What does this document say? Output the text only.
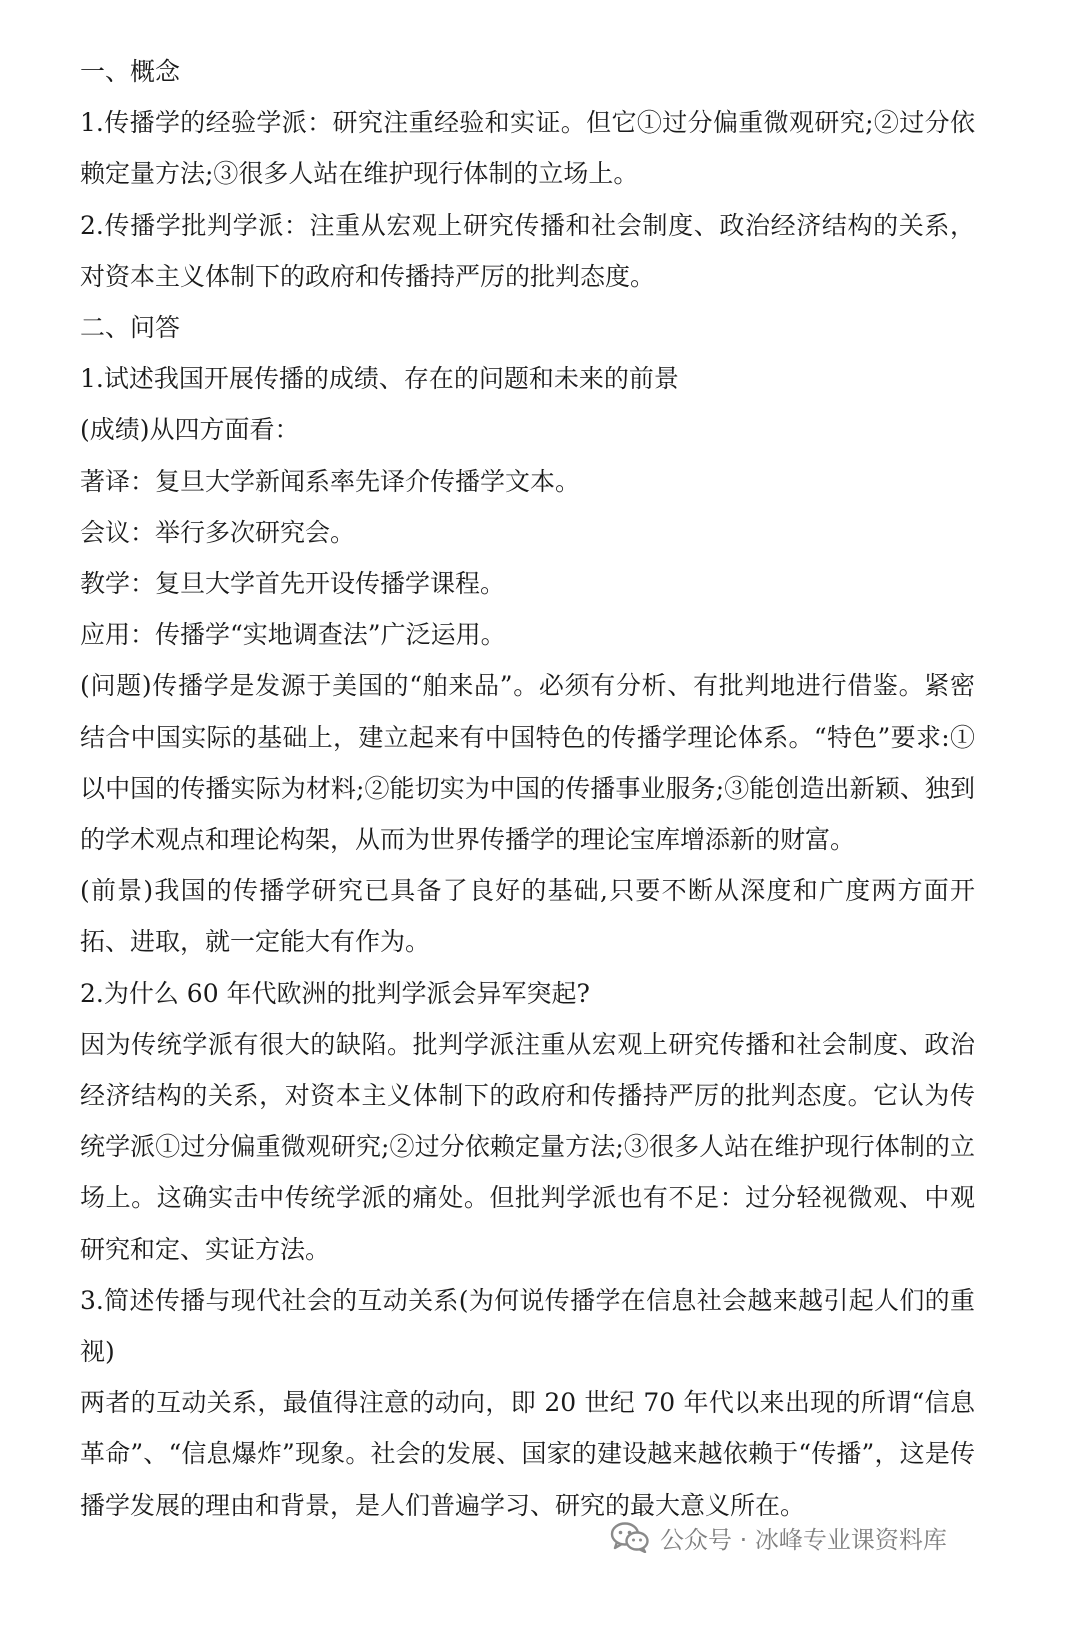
一、概念

1.传播学的经验学派：研究注重经验和实证。但它①过分偏重微观研究;②过分依赖定量方法;③很多人站在维护现行体制的立场上。

2.传播学批判学派：注重从宏观上研究传播和社会制度、政治经济结构的关系，对资本主义体制下的政府和传播持严厉的批判态度。

二、问答

1.试述我国开展传播的成绩、存在的问题和未来的前景

(成绩)从四方面看：

著译：复旦大学新闻系率先译介传播学文本。

会议：举行多次研究会。

教学：复旦大学首先开设传播学课程。

应用：传播学“实地调查法”广泛运用。

(问题)传播学是发源于美国的“舶来品”。必须有分析、有批判地进行借鉴。紧密结合中国实际的基础上，建立起来有中国特色的传播学理论体系。“特色”要求:①以中国的传播实际为材料;②能切实为中国的传播事业服务;③能创造出新颖、独到的学术观点和理论构架，从而为世界传播学的理论宝库增添新的财富。

(前景)我国的传播学研究已具备了良好的基础,只要不断从深度和广度两方面开拓、进取，就一定能大有作为。

2.为什么 60 年代欧洲的批判学派会异军突起?

因为传统学派有很大的缺陷。批判学派注重从宏观上研究传播和社会制度、政治经济结构的关系，对资本主义体制下的政府和传播持严厉的批判态度。它认为传统学派①过分偏重微观研究;②过分依赖定量方法;③很多人站在维护现行体制的立场上。这确实击中传统学派的痛处。但批判学派也有不足：过分轻视微观、中观研究和定、实证方法。

3.简述传播与现代社会的互动关系(为何说传播学在信息社会越来越引起人们的重视)

两者的互动关系，最值得注意的动向，即 20 世纪 70 年代以来出现的所谓“信息革命”、“信息爆炸”现象。社会的发展、国家的建设越来越依赖于“传播”，这是传播学发展的理由和背景，是人们普遍学习、研究的最大意义所在。

公众号 · 冰峰专业课资料库
